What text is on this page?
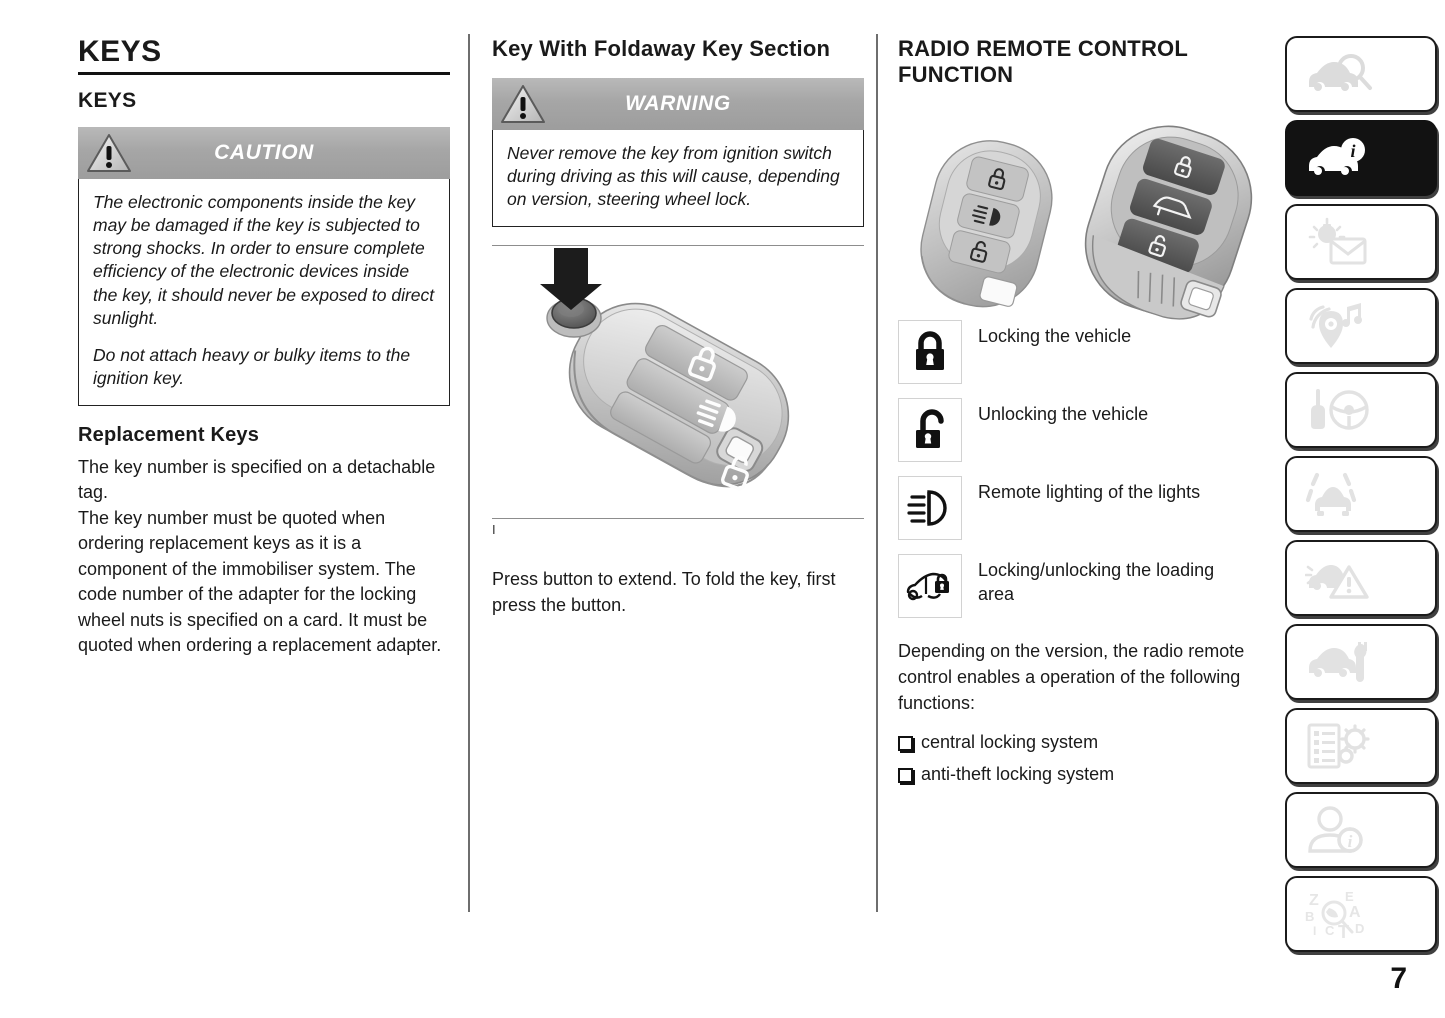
KEYS
KEYS
CAUTION

The electronic components inside the key may be damaged if the key is subjected to strong shocks. In order to ensure complete efficiency of the electronic devices inside the key, it should never be exposed to direct sunlight.

Do not attach heavy or bulky items to the ignition key.

Replacement Keys

The key number is specified on a detachable tag.

The key number must be quoted when ordering replacement keys as it is a component of the immobiliser system. The code number of the adapter for the locking wheel nuts is specified on a card. It must be quoted when ordering a replacement adapter.

Key With Foldaway Key Section
WARNING

Never remove the key from ignition switch during driving as this will cause, depending on version, steering wheel lock.

I

Press button to extend. To fold the key, first press the button.

RADIO REMOTE CONTROL FUNCTION
Locking the vehicle
Unlocking the vehicle
Remote lighting of the lights
Locking/unlocking the loading area

Depending on the version, the radio remote control enables a operation of the following functions:

central locking system
anti-theft locking system
i
i
Z
B
I C T
E
A
D
7
